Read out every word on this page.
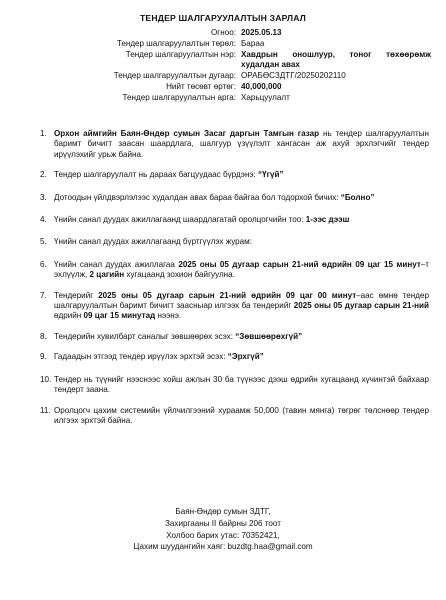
ТЕНДЕР ШАЛГАРУУЛАЛТЫН ЗАРЛАЛ
Огноо: 2025.05.13
Тендер шалгаруулалтын төрөл: Бараа
Тендер шалгаруулалтын нэр: Хавдрын оношлуур, тоног төхөөрөмж худалдан авах
Тендер шалгаруулалтын дугаар: ОРАБӨСЗДТГ/20250202110
Нийт төсөвт өртөг: 40,000,000
Тендер шалгаруулалтын арга: Харьцуулалт
1. Орхон аймгийн Баян-Өндөр сумын Засаг даргын Тамгын газар нь тендер шалгаруулалтын баримт бичигт заасан шаардлага, шалгуур үзүүлэлт хангасан аж ахуй эрхлэгчийг тендер ирүүлэхийг урьж байна.
2. Тендер шалгаруулалт нь дараах багцуудаас бүрдэнэ: “Үгүй”
3. Дотоодын үйлдвэрлэлээс худалдан авах бараа байгаа бол тодорхой бичих: “Болно”
4. Үнийн санал дуудах ажиллагаанд шаардлагатай оролцогчийн тоо: 1-ээс дээш
5. Үнийн санал дуудах ажиллагаанд бүртгүүлэх журам:
6. Үнийн санал дуудах ажиллагаа 2025 оны 05 дугаар сарын 21-ний өдрийн 09 цаг 15 минут–т эхлүүлж, 2 цагийн хугацаанд зохион байгуулна.
7. Тендерийг 2025 оны 05 дугаар сарын 21-ний өдрийн 09 цаг 00 минут–аас өмнө тендер шалгаруулалтын баримт бичигт заасныар илгээх ба тендерийг 2025 оны 05 дугаар сарын 21-ний өдрийн 09 цаг 15 минутад нээнэ.
8. Тендерийн хувилбарт саналыг зөвшөөрөх эсэх: “Зөвшөөрөхгүй”
9. Гадаадын этгээд тендер ирүүлэх эрхтэй эсэх: “Эрхгүй”
10. Тендер нь түүнийг нээснээс хойш ажлын 30 ба түүнээс дээш өдрийн хугацаанд хүчинтэй байхаар тендерт заана.
11. Оролцогч цахим системийн үйлчилгээний хураамж 50,000 (тавин мянга) төгрөг төлснөөр тендер илгээх эрхтэй байна.
Баян-Өндөр сумын ЗДТГ,
Захиргааны II байрны 206 тоот
Холбоо барих утас: 70352421,
Цахим шуудангийн хаяг: buzdtg.haa@gmail.com
